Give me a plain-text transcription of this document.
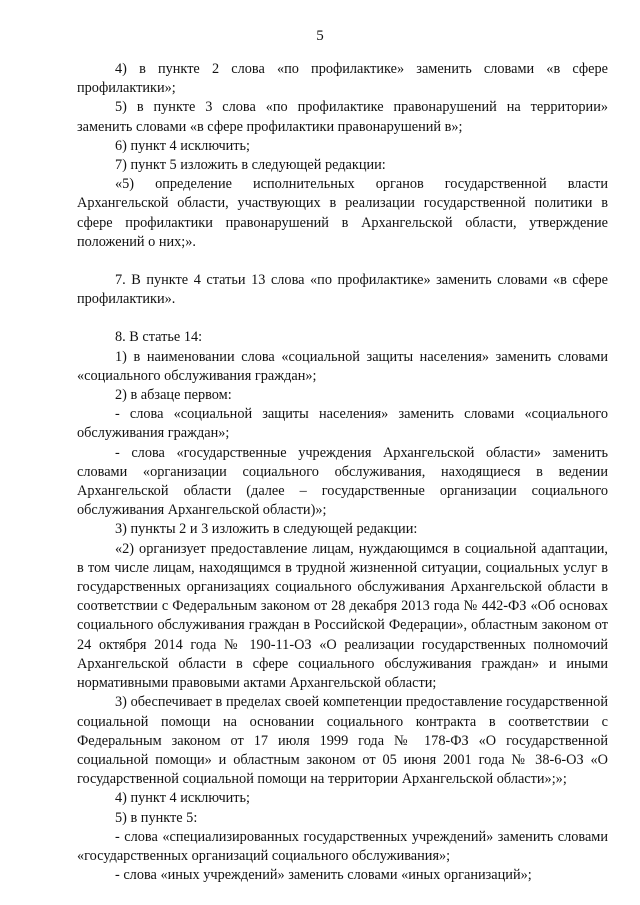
5

4) в пункте 2 слова «по профилактике» заменить словами «в сфере профилактики»;

5) в пункте 3 слова «по профилактике правонарушений на территории» заменить словами «в сфере профилактики правонарушений в»;

6) пункт 4 исключить;

7) пункт 5 изложить в следующей редакции:

«5) определение исполнительных органов государственной власти Архангельской области, участвующих в реализации государственной политики в сфере профилактики правонарушений в Архангельской области, утверждение положений о них;».

7. В пункте 4 статьи 13 слова «по профилактике» заменить словами «в сфере профилактики».

8. В статье 14:

1) в наименовании слова «социальной защиты населения» заменить словами «социального обслуживания граждан»;

2) в абзаце первом:

- слова «социальной защиты населения» заменить словами «социального обслуживания граждан»;

- слова «государственные учреждения Архангельской области» заменить словами «организации социального обслуживания, находящиеся в ведении Архангельской области (далее – государственные организации социального обслуживания Архангельской области)»;

3) пункты 2 и 3 изложить в следующей редакции:

«2) организует предоставление лицам, нуждающимся в социальной адаптации, в том числе лицам, находящимся в трудной жизненной ситуации, социальных услуг в государственных организациях социального обслуживания Архангельской области в соответствии с Федеральным законом от 28 декабря 2013 года № 442-ФЗ «Об основах социального обслуживания граждан в Российской Федерации», областным законом от 24 октября 2014 года № 190-11-ОЗ «О реализации государственных полномочий Архангельской области в сфере социального обслуживания граждан» и иными нормативными правовыми актами Архангельской области;

3) обеспечивает в пределах своей компетенции предоставление государственной социальной помощи на основании социального контракта в соответствии с Федеральным законом от 17 июля 1999 года № 178-ФЗ «О государственной социальной помощи» и областным законом от 05 июня 2001 года № 38-6-ОЗ «О государственной социальной помощи на территории Архангельской области»;»;

4) пункт 4 исключить;

5) в пункте 5:

- слова «специализированных государственных учреждений» заменить словами «государственных организаций социального обслуживания»;

- слова «иных учреждений» заменить словами «иных организаций»;
